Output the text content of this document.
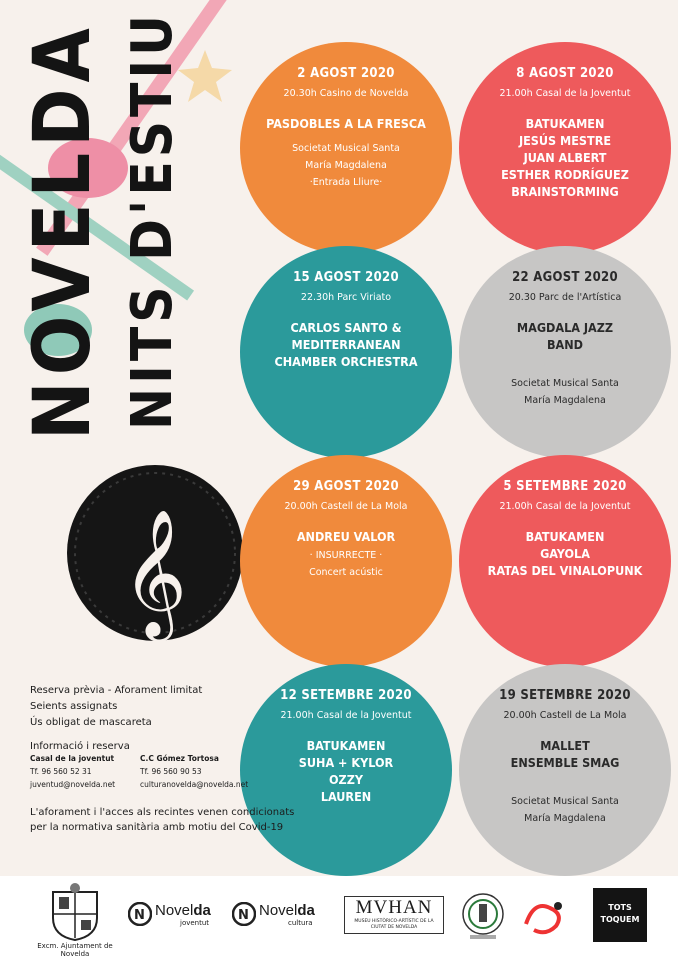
𝄞
NOVELDA NITS D'ESTIU	2 AGOST 2020
20.30h Casino de Novelda
PASDOBLES A LA FRESCA
Societat Musical Santa
María Magdalena
·Entrada Lliure·
8 AGOST 2020
21.00h Casal de la Joventut
BATUKAMEN
JESÚS MESTRE
JUAN ALBERT
ESTHER RODRÍGUEZ
BRAINSTORMING
15 AGOST 2020
22.30h Parc Viriato
CARLOS SANTO &
MEDITERRANEAN
CHAMBER ORCHESTRA
22 AGOST 2020
20.30 Parc de l'Artística
MAGDALA JAZZ
BAND
Societat Musical Santa
María Magdalena
29 AGOST 2020
20.00h Castell de La Mola
ANDREU VALOR
· INSURRECTE ·
Concert acústic
5 SETEMBRE 2020
21.00h Casal de la Joventut
BATUKAMEN
GAYOLA
RATAS DEL VINALOPUNK
12 SETEMBRE 2020
21.00h Casal de la Joventut
BATUKAMEN
SUHA + KYLOR
OZZY
LAUREN
19 SETEMBRE 2020
20.00h Castell de La Mola
MALLET
ENSEMBLE SMAG
Societat Musical Santa
María Magdalena
Reserva prèvia - Aforament limitat
Seients assignats
Ús obligat de mascareta
Informació i reserva
Casal de la joventut
Tf. 96 560 52 31
juventud@novelda.net
C.C Gómez Tortosa
Tf. 96 560 90 53
culturanovelda@novelda.net
L'aforament i l'acces als recintes venen condicionats per la normativa sanitària amb motiu del Covid-19
Excm. Ajuntament de Novelda
N Novelda
joventut N Novelda
cultura
MVHAN
MUSEU HISTÒRICO-ARTÍSTIC DE LA CIUTAT DE NOVELDA
TOTS
TOQUEM
